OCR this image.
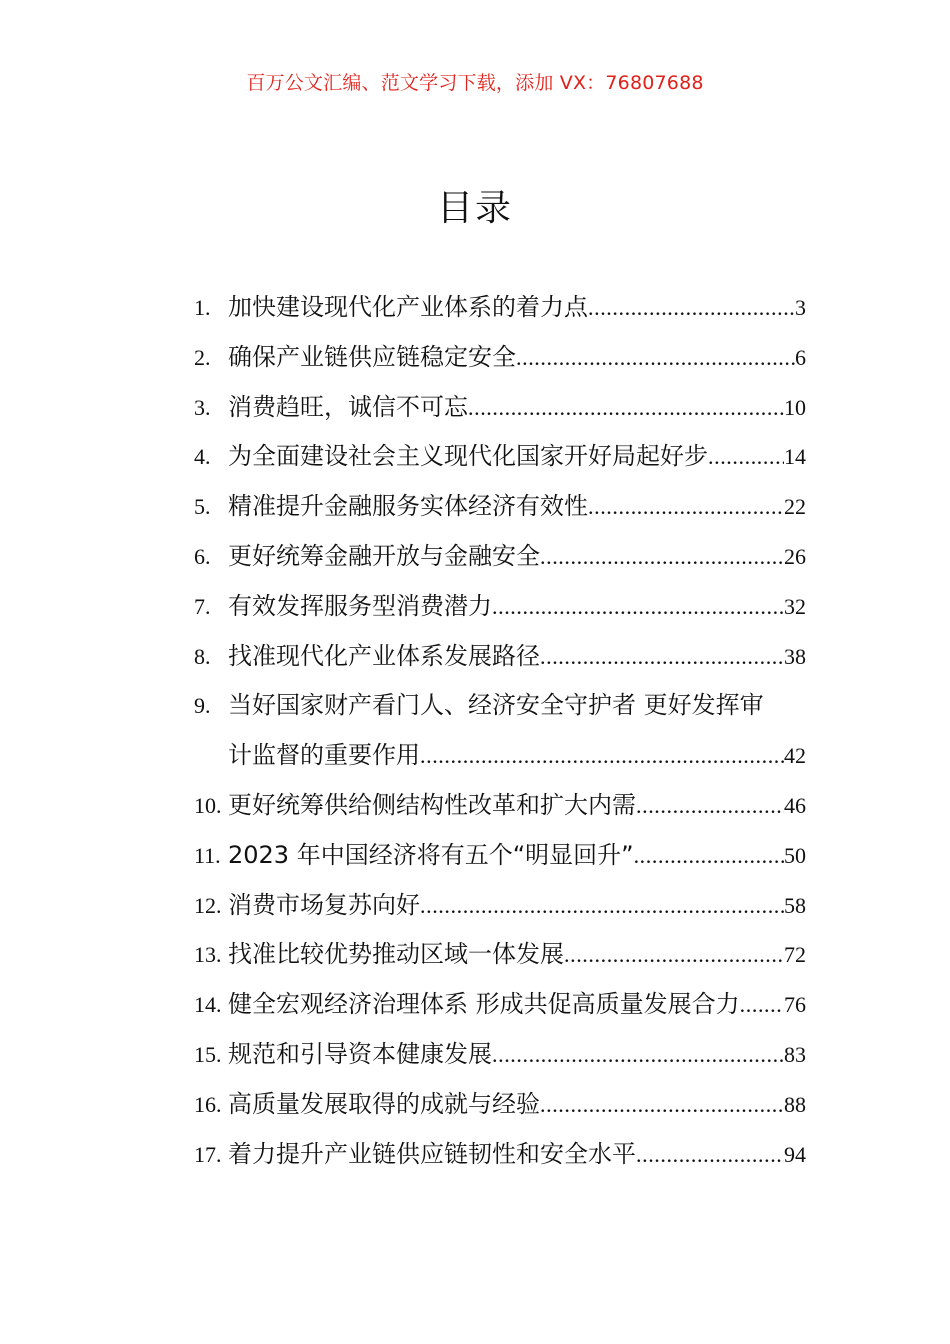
百万公文汇编、范文学习下载，添加 VX：76807688
目录
1. 加快建设现代化产业体系的着力点 .....	3
2. 确保产业链供应链稳定安全 .....	6
3. 消费趋旺，诚信不可忘 .....	10
4. 为全面建设社会主义现代化国家开好局起好步 .....	14
5. 精准提升金融服务实体经济有效性 .....	22
6. 更好统筹金融开放与金融安全 .....	26
7. 有效发挥服务型消费潜力 .....	32
8. 找准现代化产业体系发展路径 .....	38
9. 当好国家财产看门人、经济安全守护者 更好发挥审
计监督的重要作用 .....	42
10. 更好统筹供给侧结构性改革和扩大内需 .....	46
11. 2023 年中国经济将有五个“明显回升” .....	50
12. 消费市场复苏向好 .....	58
13. 找准比较优势推动区域一体发展 .....	72
14. 健全宏观经济治理体系 形成共促高质量发展合力 ..... 76
15. 规范和引导资本健康发展 .....	83
16. 高质量发展取得的成就与经验 .....	88
17. 着力提升产业链供应链韧性和安全水平 .....	94
